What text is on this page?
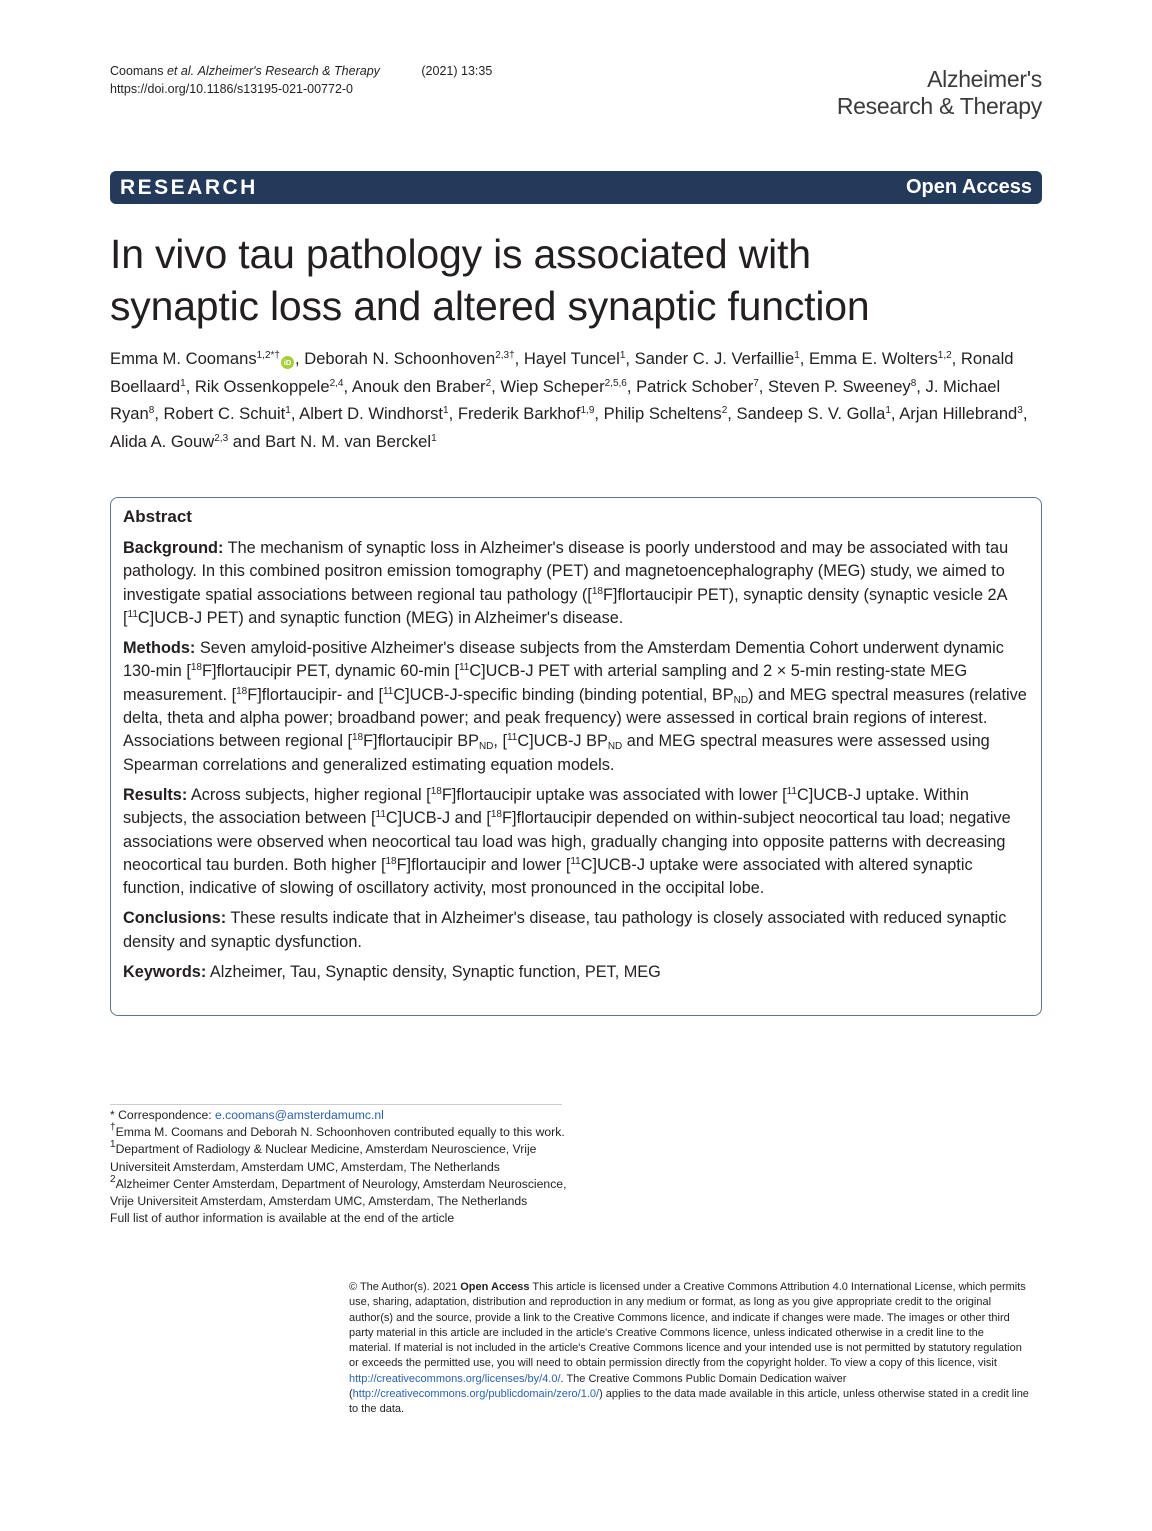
Coomans et al. Alzheimer's Research & Therapy	(2021) 13:35
https://doi.org/10.1186/s13195-021-00772-0	Alzheimer's
Research & Therapy
RESEARCH	Open Access
In vivo tau pathology is associated with
synaptic loss and altered synaptic function
Emma M. Coomans$^{1,2*\dagger}$iD , Deborah N. Schoonhoven$^{2,3\dagger}$, Hayel Tuncel$^1$, Sander C. J. Verfaillie$^1$, Emma E. Wolters$^{1,2}$, Ronald Boellaard$^1$, Rik Ossenkoppele$^{2,4}$, Anouk den Braber$^2$, Wiep Scheper$^{2,5,6}$, Patrick Schober$^7$, Steven P. Sweeney$^8$, J. Michael Ryan$^8$, Robert C. Schuit$^1$, Albert D. Windhorst$^1$, Frederik Barkhof$^{1,9}$, Philip Scheltens$^2$, Sandeep S. V. Golla$^1$, Arjan Hillebrand$^3$, Alida A. Gouw$^{2,3}$ and Bart N. M. van Berckel$^1$
Abstract

Background: The mechanism of synaptic loss in Alzheimer's disease is poorly understood and may be associated with tau pathology. In this combined positron emission tomography (PET) and magnetoencephalography (MEG) study, we aimed to investigate spatial associations between regional tau pathology ([$^{18}$F]flortaucipir PET), synaptic density (synaptic vesicle 2A [$^{11}$C]UCB-J PET) and synaptic function (MEG) in Alzheimer's disease.

Methods: Seven amyloid-positive Alzheimer's disease subjects from the Amsterdam Dementia Cohort underwent dynamic 130-min [$^{18}$F]flortaucipir PET, dynamic 60-min [$^{11}$C]UCB-J PET with arterial sampling and 2 × 5-min resting-state MEG measurement. [$^{18}$F]flortaucipir- and [$^{11}$C]UCB-J-specific binding (binding potential, $BP_{ND}$) and MEG spectral measures (relative delta, theta and alpha power; broadband power; and peak frequency) were assessed in cortical brain regions of interest. Associations between regional [$^{18}$F]flortaucipir $BP_{ND}$, [$^{11}$C]UCB-J $BP_{ND}$ and MEG spectral measures were assessed using Spearman correlations and generalized estimating equation models.

Results: Across subjects, higher regional [$^{18}$F]flortaucipir uptake was associated with lower [$^{11}$C]UCB-J uptake. Within subjects, the association between [$^{11}$C]UCB-J and [$^{18}$F]flortaucipir depended on within-subject neocortical tau load; negative associations were observed when neocortical tau load was high, gradually changing into opposite patterns with decreasing neocortical tau burden. Both higher [$^{18}$F]flortaucipir and lower [$^{11}$C]UCB-J uptake were associated with altered synaptic function, indicative of slowing of oscillatory activity, most pronounced in the occipital lobe.

Conclusions: These results indicate that in Alzheimer's disease, tau pathology is closely associated with reduced synaptic density and synaptic dysfunction.

Keywords: Alzheimer, Tau, Synaptic density, Synaptic function, PET, MEG

* Correspondence: e.coomans@amsterdamumc.nl

†Emma M. Coomans and Deborah N. Schoonhoven contributed equally to this work.

$^1$Department of Radiology & Nuclear Medicine, Amsterdam Neuroscience, Vrije Universiteit Amsterdam, Amsterdam UMC, Amsterdam, The Netherlands

$^2$Alzheimer Center Amsterdam, Department of Neurology, Amsterdam Neuroscience, Vrije Universiteit Amsterdam, Amsterdam UMC, Amsterdam, The Netherlands

Full list of author information is available at the end of the article

© The Author(s). 2021 Open Access This article is licensed under a Creative Commons Attribution 4.0 International License, which permits use, sharing, adaptation, distribution and reproduction in any medium or format, as long as you give appropriate credit to the original author(s) and the source, provide a link to the Creative Commons licence, and indicate if changes were made. The images or other third party material in this article are included in the article's Creative Commons licence, unless indicated otherwise in a credit line to the material. If material is not included in the article's Creative Commons licence and your intended use is not permitted by statutory regulation or exceeds the permitted use, you will need to obtain permission directly from the copyright holder. To view a copy of this licence, visit http://creativecommons.org/licenses/by/4.0/. The Creative Commons Public Domain Dedication waiver (http://creativecommons.org/publicdomain/zero/1.0/) applies to the data made available in this article, unless otherwise stated in a credit line to the data.
